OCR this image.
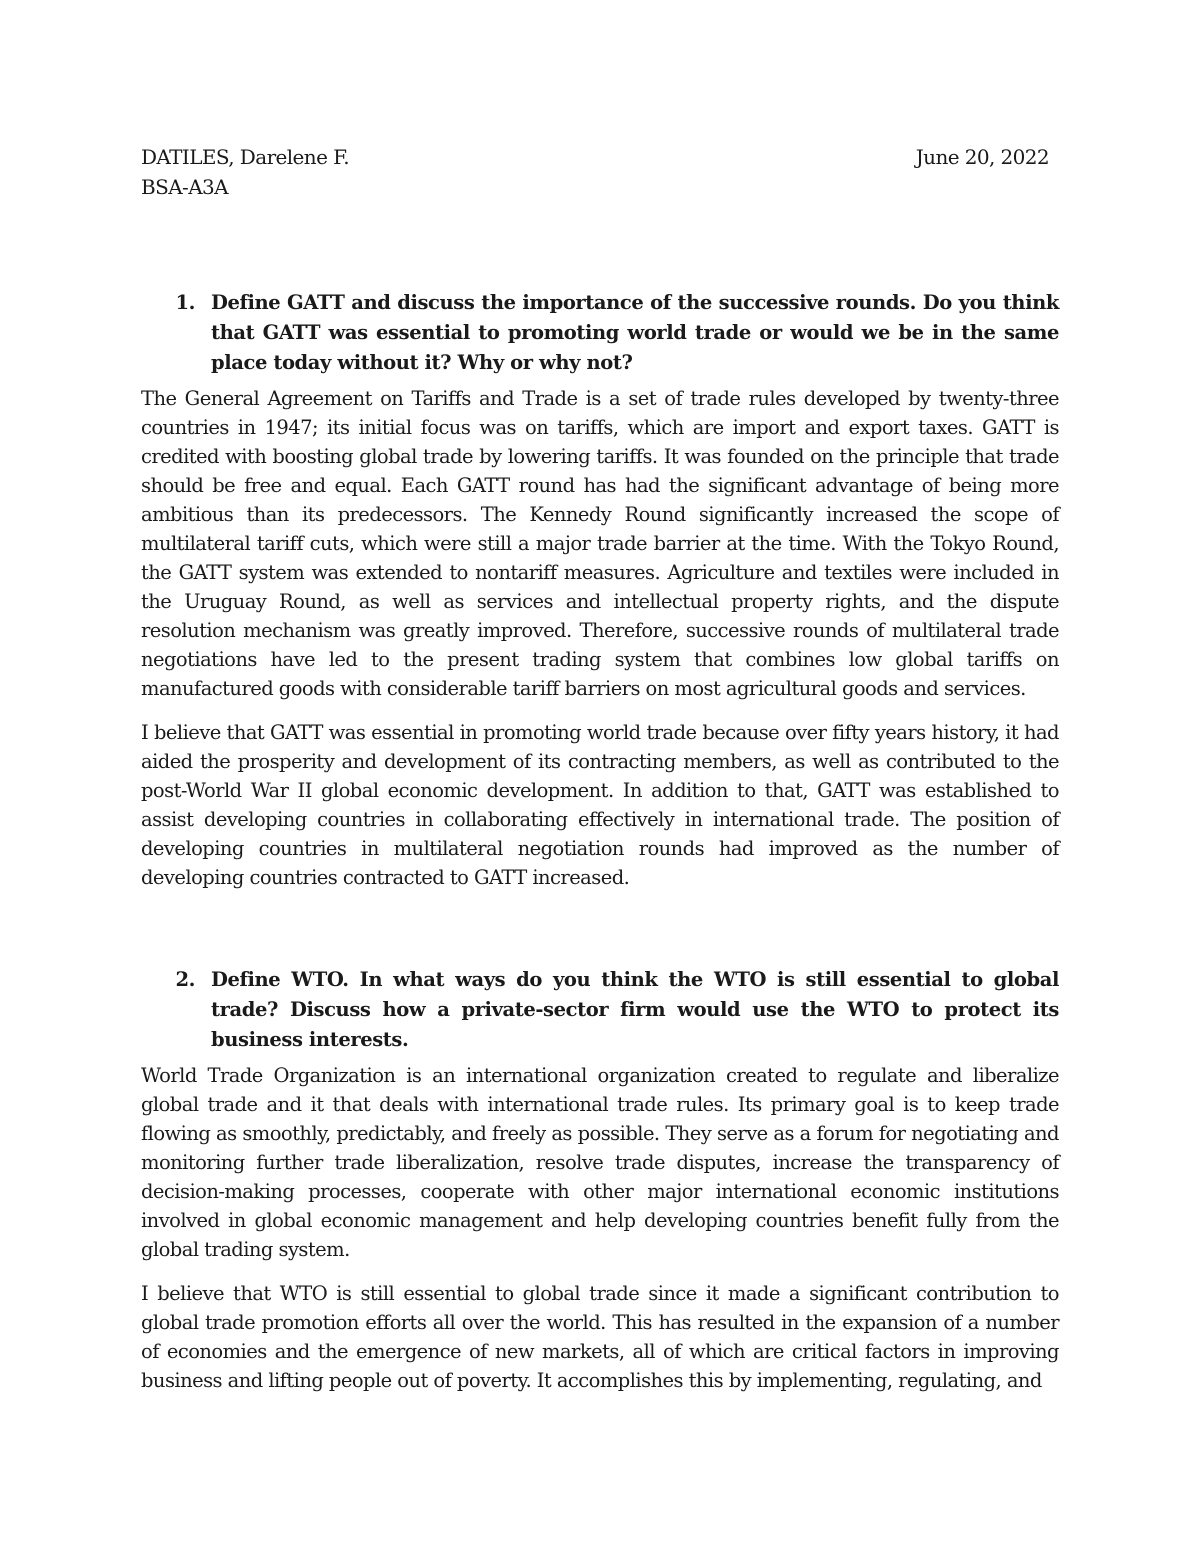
DATILES, Darelene F.	June 20, 2022
BSA-A3A
1. Define GATT and discuss the importance of the successive rounds. Do you think that GATT was essential to promoting world trade or would we be in the same place today without it? Why or why not?

The General Agreement on Tariffs and Trade is a set of trade rules developed by twenty-three countries in 1947; its initial focus was on tariffs, which are import and export taxes. GATT is credited with boosting global trade by lowering tariffs. It was founded on the principle that trade should be free and equal. Each GATT round has had the significant advantage of being more ambitious than its predecessors. The Kennedy Round significantly increased the scope of multilateral tariff cuts, which were still a major trade barrier at the time. With the Tokyo Round, the GATT system was extended to nontariff measures. Agriculture and textiles were included in the Uruguay Round, as well as services and intellectual property rights, and the dispute resolution mechanism was greatly improved. Therefore, successive rounds of multilateral trade negotiations have led to the present trading system that combines low global tariffs on manufactured goods with considerable tariff barriers on most agricultural goods and services.

I believe that GATT was essential in promoting world trade because over fifty years history, it had aided the prosperity and development of its contracting members, as well as contributed to the post-World War II global economic development. In addition to that, GATT was established to assist developing countries in collaborating effectively in international trade. The position of developing countries in multilateral negotiation rounds had improved as the number of developing countries contracted to GATT increased.

2. Define WTO. In what ways do you think the WTO is still essential to global trade? Discuss how a private-sector firm would use the WTO to protect its business interests.

World Trade Organization is an international organization created to regulate and liberalize global trade and it that deals with international trade rules. Its primary goal is to keep trade flowing as smoothly, predictably, and freely as possible. They serve as a forum for negotiating and monitoring further trade liberalization, resolve trade disputes, increase the transparency of decision-making processes, cooperate with other major international economic institutions involved in global economic management and help developing countries benefit fully from the global trading system.

I believe that WTO is still essential to global trade since it made a significant contribution to global trade promotion efforts all over the world. This has resulted in the expansion of a number of economies and the emergence of new markets, all of which are critical factors in improving business and lifting people out of poverty. It accomplishes this by implementing, regulating, and
